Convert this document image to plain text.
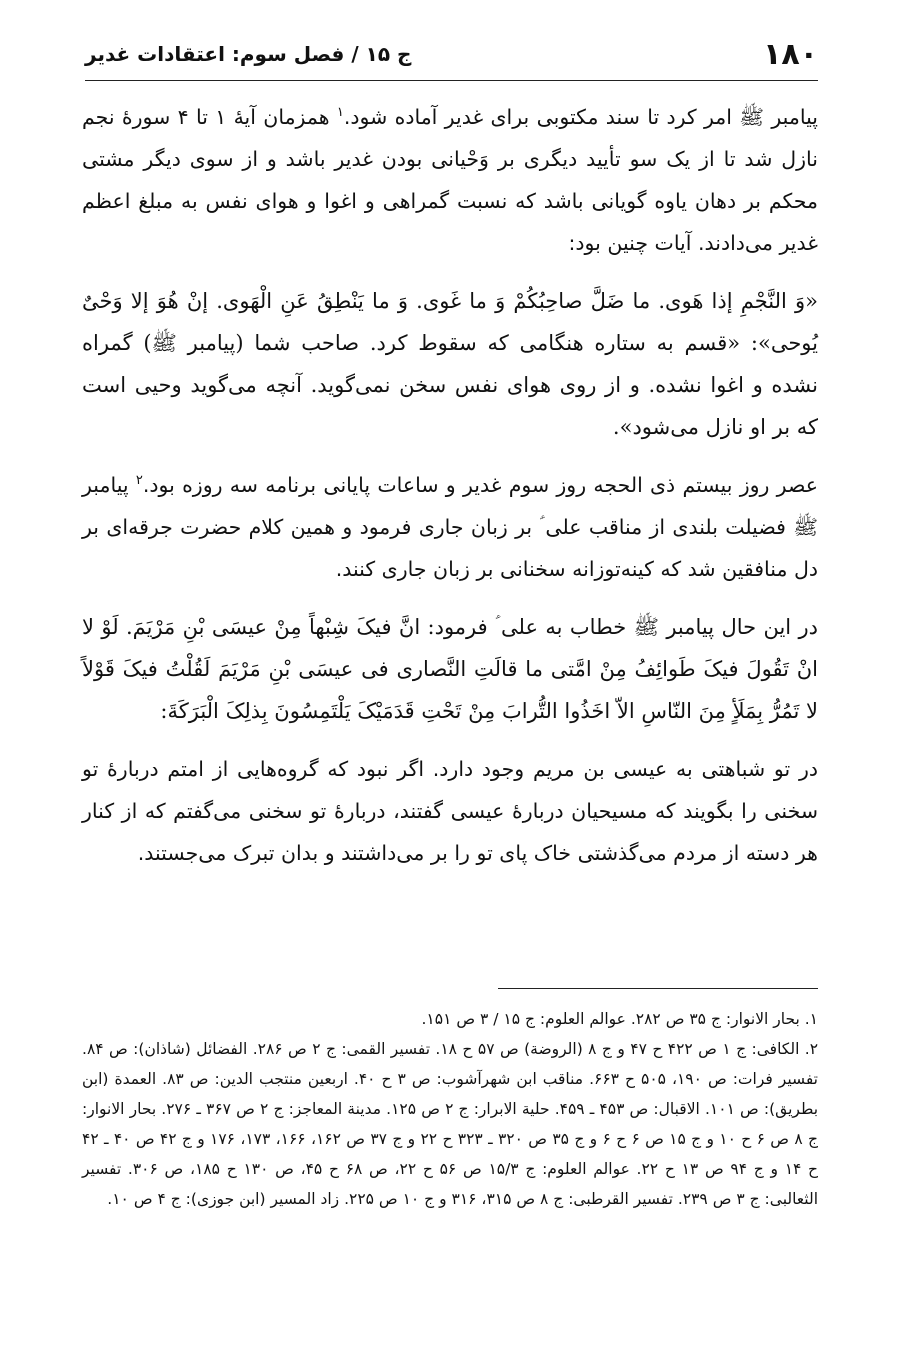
۱۸۰
ج ۱۵ / فصل سوم: اعتقادات غدیر

پیامبر ﷺ امر کرد تا سند مکتوبی برای غدیر آماده شود.$^۱$ همزمان آیهٔ ۱ تا ۴ سورهٔ نجم نازل شد تا از یک سو تأیید دیگری بر وَحْیانی بودن غدیر باشد و از سوی دیگر مشتی محکم بر دهان یاوه گویانی باشد که نسبت گمراهی و اغوا و هوای نفس به مبلغ اعظم غدیر می‌دادند. آیات چنین بود:

«وَ النَّجْمِ إذا هَوی. ما ضَلَّ صاحِبُکُمْ وَ ما غَوی. وَ ما یَنْطِقُ عَنِ الْهَوی. إنْ هُوَ إلا وَحْیٌ یُوحی»: «قسم به ستاره هنگامی که سقوط کرد. صاحب شما (پیامبر ﷺ) گمراه نشده و اغوا نشده. و از روی هوای نفس سخن نمی‌گوید. آنچه می‌گوید وحیی است که بر او نازل می‌شود».

عصر روز بیستم ذی الحجه روز سوم غدیر و ساعات پایانی برنامه سه روزه بود.$^۲$ پیامبر ﷺ فضیلت بلندی از مناقب علی ؑ بر زبان جاری فرمود و همین کلام حضرت جرقه‌ای بر دل منافقین شد که کینه‌توزانه سخنانی بر زبان جاری کنند.

در این حال پیامبر ﷺ خطاب به علی ؑ فرمود: انَّ فیکَ شِبْهاً مِنْ عیسَی بْنِ مَرْیَمَ. لَوْ لا انْ تَقُولَ فیکَ طَوائِفُ مِنْ امَّتی ما قالَتِ النَّصاری فی عیسَی بْنِ مَرْیَمَ لَقُلْتُ فیکَ قَوْلاً لا تَمُرُّ بِمَلَأٍ مِنَ النّاسِ الاّ اخَذُوا التُّرابَ مِنْ تَحْتِ قَدَمَیْکَ یَلْتَمِسُونَ بِذلِکَ الْبَرَکَةَ:

در تو شباهتی به عیسی بن مریم وجود دارد. اگر نبود که گروه‌هایی از امتم دربارهٔ تو سخنی را بگویند که مسیحیان دربارهٔ عیسی گفتند، دربارهٔ تو سخنی می‌گفتم که از کنار هر دسته از مردم می‌گذشتی خاک پای تو را بر می‌داشتند و بدان تبرک می‌جستند.

۱. بحار الانوار: ج ۳۵ ص ۲۸۲. عوالم العلوم: ج ۱۵ / ۳ ص ۱۵۱.

۲. الکافی: ج ۱ ص ۴۲۲ ح ۴۷ و ج ۸ (الروضة) ص ۵۷ ح ۱۸. تفسیر القمی: ج ۲ ص ۲۸۶. الفضائل (شاذان): ص ۸۴. تفسیر فرات: ص ۱۹۰، ۵۰۵ ح ۶۶۳. مناقب ابن شهرآشوب: ص ۳ ح ۴۰. اربعین منتجب الدین: ص ۸۳. العمدة (ابن بطریق): ص ۱۰۱. الاقبال: ص ۴۵۳ ـ ۴۵۹. حلیة الابرار: ج ۲ ص ۱۲۵. مدینة المعاجز: ج ۲ ص ۳۶۷ ـ ۲۷۶. بحار الانوار: ج ۸ ص ۶ ح ۱۰ و ج ۱۵ ص ۶ ح ۶ و ج ۳۵ ص ۳۲۰ ـ ۳۲۳ ح ۲۲ و ج ۳۷ ص ۱۶۲، ۱۶۶، ۱۷۳، ۱۷۶ و ج ۴۲ ص ۴۰ ـ ۴۲ ح ۱۴ و ج ۹۴ ص ۱۳ ح ۲۲. عوالم العلوم: ج ۱۵/۳ ص ۵۶ ح ۲۲، ص ۶۸ ح ۴۵، ص ۱۳۰ ح ۱۸۵، ص ۳۰۶. تفسیر الثعالبی: ج ۳ ص ۲۳۹. تفسیر القرطبی: ج ۸ ص ۳۱۵، ۳۱۶ و ج ۱۰ ص ۲۲۵. زاد المسیر (ابن جوزی): ج ۴ ص ۱۰.
